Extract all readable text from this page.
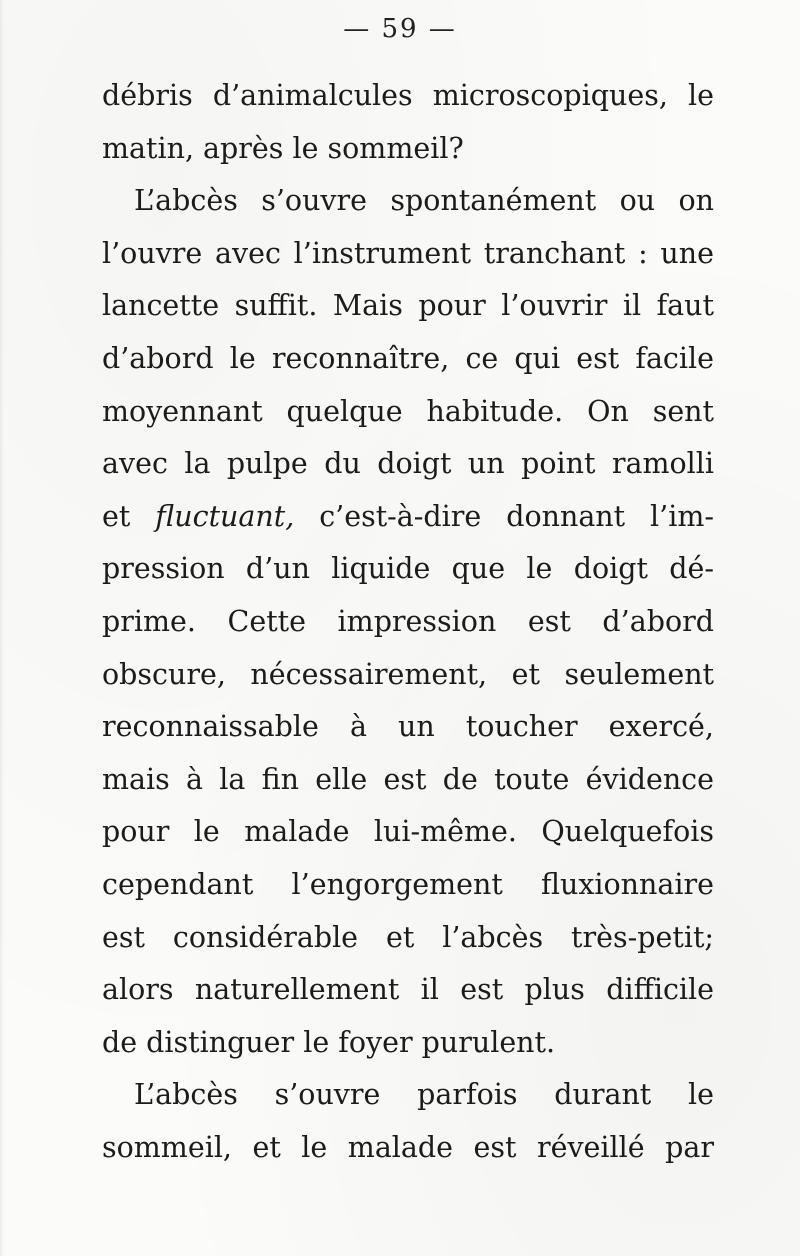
— 59 —
débris d’animalcules microscopiques, le
matin, après le sommeil?
L’abcès s’ouvre spontanément ou on
l’ouvre avec l’instrument tranchant : une
lancette suffit. Mais pour l’ouvrir il faut
d’abord le reconnaître, ce qui est facile
moyennant quelque habitude. On sent
avec la pulpe du doigt un point ramolli
et fluctuant, c’est-à-dire donnant l’im-
pression d’un liquide que le doigt dé-
prime. Cette impression est d’abord
obscure, nécessairement, et seulement
reconnaissable à un toucher exercé,
mais à la fin elle est de toute évidence
pour le malade lui-même. Quelquefois
cependant l’engorgement fluxionnaire
est considérable et l’abcès très-petit;
alors naturellement il est plus difficile
de distinguer le foyer purulent.
L’abcès s’ouvre parfois durant le
sommeil, et le malade est réveillé par
